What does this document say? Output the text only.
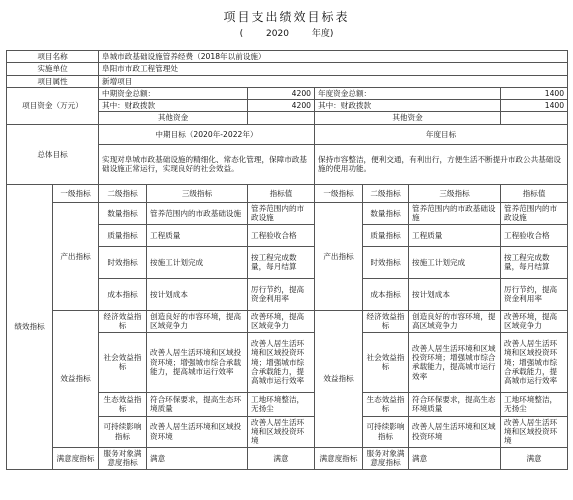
项目支出绩效目标表
(	2020	年度)
项目名称		阜城市政基础设施管养经费（2018年以前设施）						
实施单位		阜阳市市政工程管理处						
项目属性		新增项目						
项目资金（万元）		中期资金总额：		4200	年度资金总额：			1400
		其中：财政拨款		4200	其中：财政拨款			1400
		其他资金			其他资金			
总体目标		中期目标（2020年-2022年）			年度目标			
		实现对阜城市政基础设施的精细化、常态化管理，保障市政基础设施正常运行，实现良好的社会效益。			保持市容整洁，便利交通，有利出行，方便生活不断提升市政公共基础设施的使用功能。			
绩效指标	一级指标	二级指标	三级指标	指标值	一级指标	二级指标	三级指标	指标值
	产出指标	数量指标	管养范围内的市政基础设施	管养范围内的市政设施	产出指标	数量指标	管养范围内的市政基础设施	管养范围内的市政设施
		质量指标	工程质量	工程验收合格		质量指标	工程质量	工程验收合格
		时效指标	按施工计划完成	按工程完成数量，每月结算		时效指标	按施工计划完成	按工程完成数量，每月结算
		成本指标	按计划成本	厉行节约，提高资金利用率		成本指标	按计划成本	厉行节约，提高资金利用率
	效益指标	经济效益指标	创造良好的市容环境，提高区域竞争力	改善环境，提高区域竞争力	效益指标	经济效益指标	创造良好的市容环境，提高区域竞争力	改善环境，提高区域竞争力
		社会效益指标	改善人居生活环境和区域投资环境；增强城市综合承载能力，提高城市运行效率	改善人居生活环境和区域投资环境；增强城市综合承载能力，提高城市运行效率		社会效益指标	改善人居生活环境和区域投资环境；增强城市综合承载能力，提高城市运行效率	改善人居生活环境和区域投资环境；增强城市综合承载能力，提高城市运行效率
		生态效益指标	符合环保要求，提高生态环境质量	工地环境整洁，无扬尘		生态效益指标	符合环保要求，提高生态环境质量	工地环境整洁，无扬尘
		可持续影响指标	改善人居生活环境和区域投资环境	改善人居生活环境和区域投资环境		可持续影响指标	改善人居生活环境和区域投资环境	改善人居生活环境和区域投资环境
	满意度指标	服务对象满意度指标	满意	满意	满意度指标	服务对象满意度指标	满意	满意
